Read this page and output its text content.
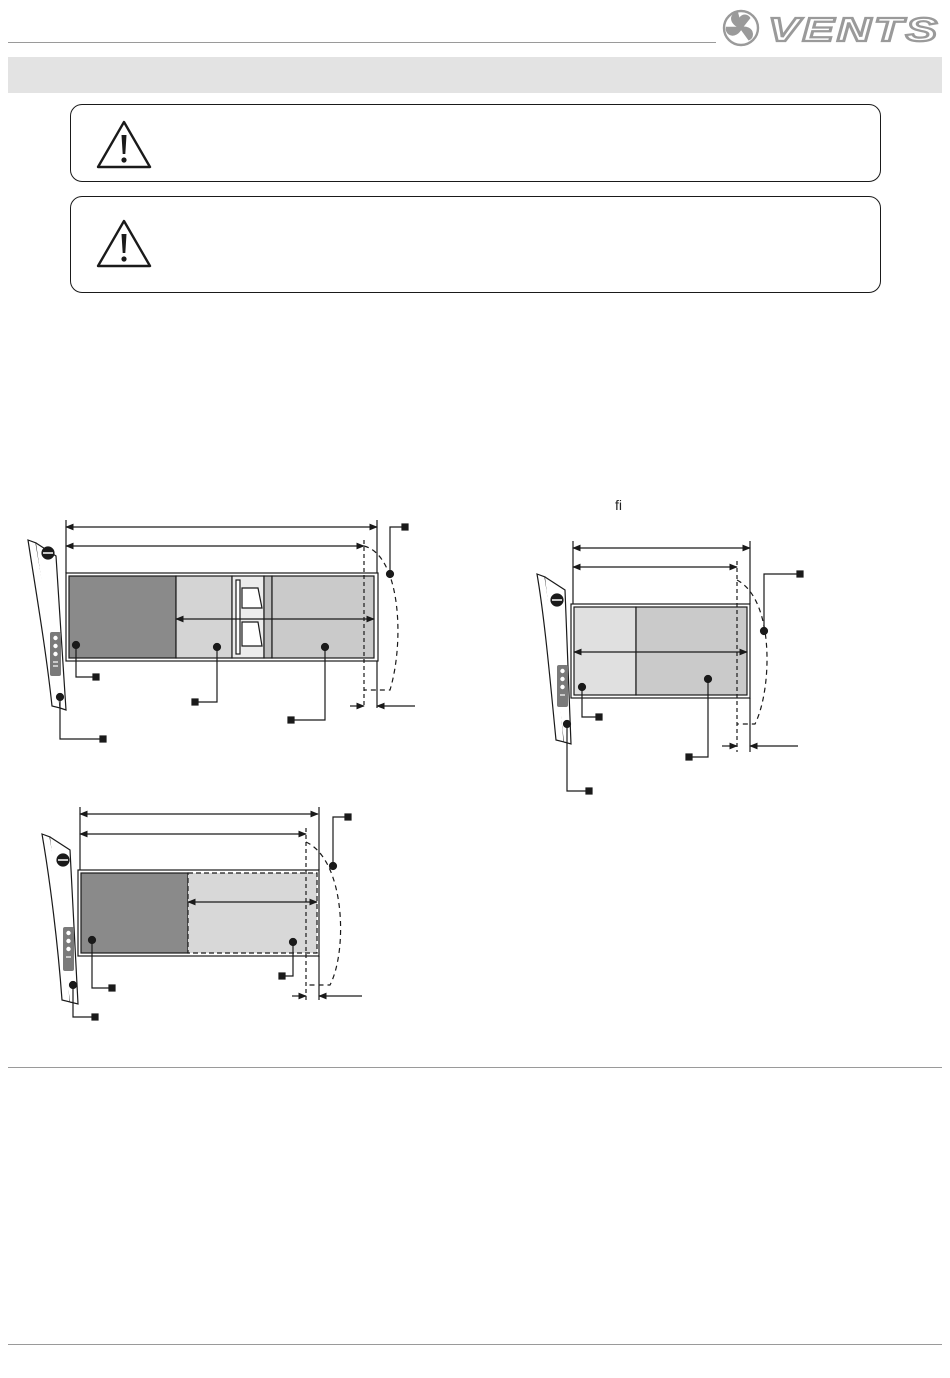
VENTS
ﬁ
